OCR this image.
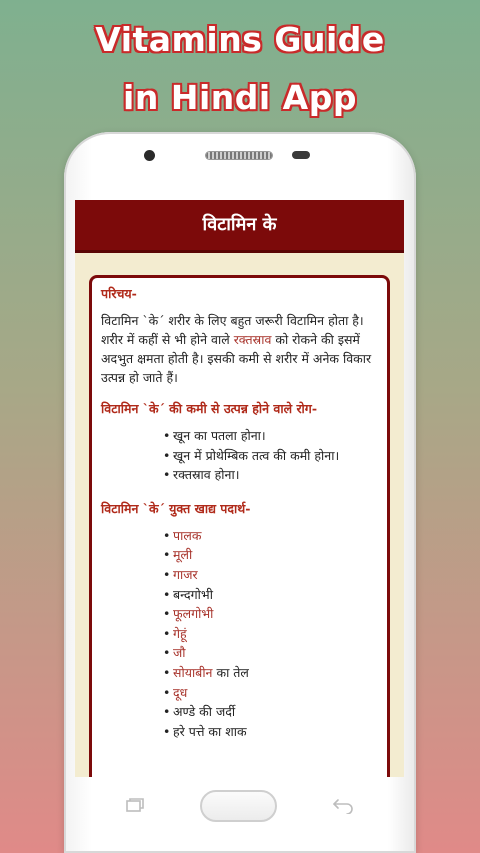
Vitamins Guide
in Hindi App
विटामिन के

परिचय-

विटामिन `के´ शरीर के लिए बहुत जरूरी विटामिन होता है। शरीर में कहीं से भी होने वाले रक्तस्राव को रोकने की इसमें अदभुत क्षमता होती है। इसकी कमी से शरीर में अनेक विकार उत्पन्न हो जाते हैं।

विटामिन `के´ की कमी से उत्पन्न होने वाले रोग-

• खून का पतला होना।
• खून में प्रोथेम्बिक तत्व की कमी होना।
• रक्तस्राव होना।

विटामिन `के´ युक्त खाद्य पदार्थ-

• पालक
• मूली
• गाजर
• बन्दगोभी
• फूलगोभी
• गेहूं
• जौ
• सोयाबीन का तेल
• दूध
• अण्डे की जर्दी
• हरे पत्ते का शाक
